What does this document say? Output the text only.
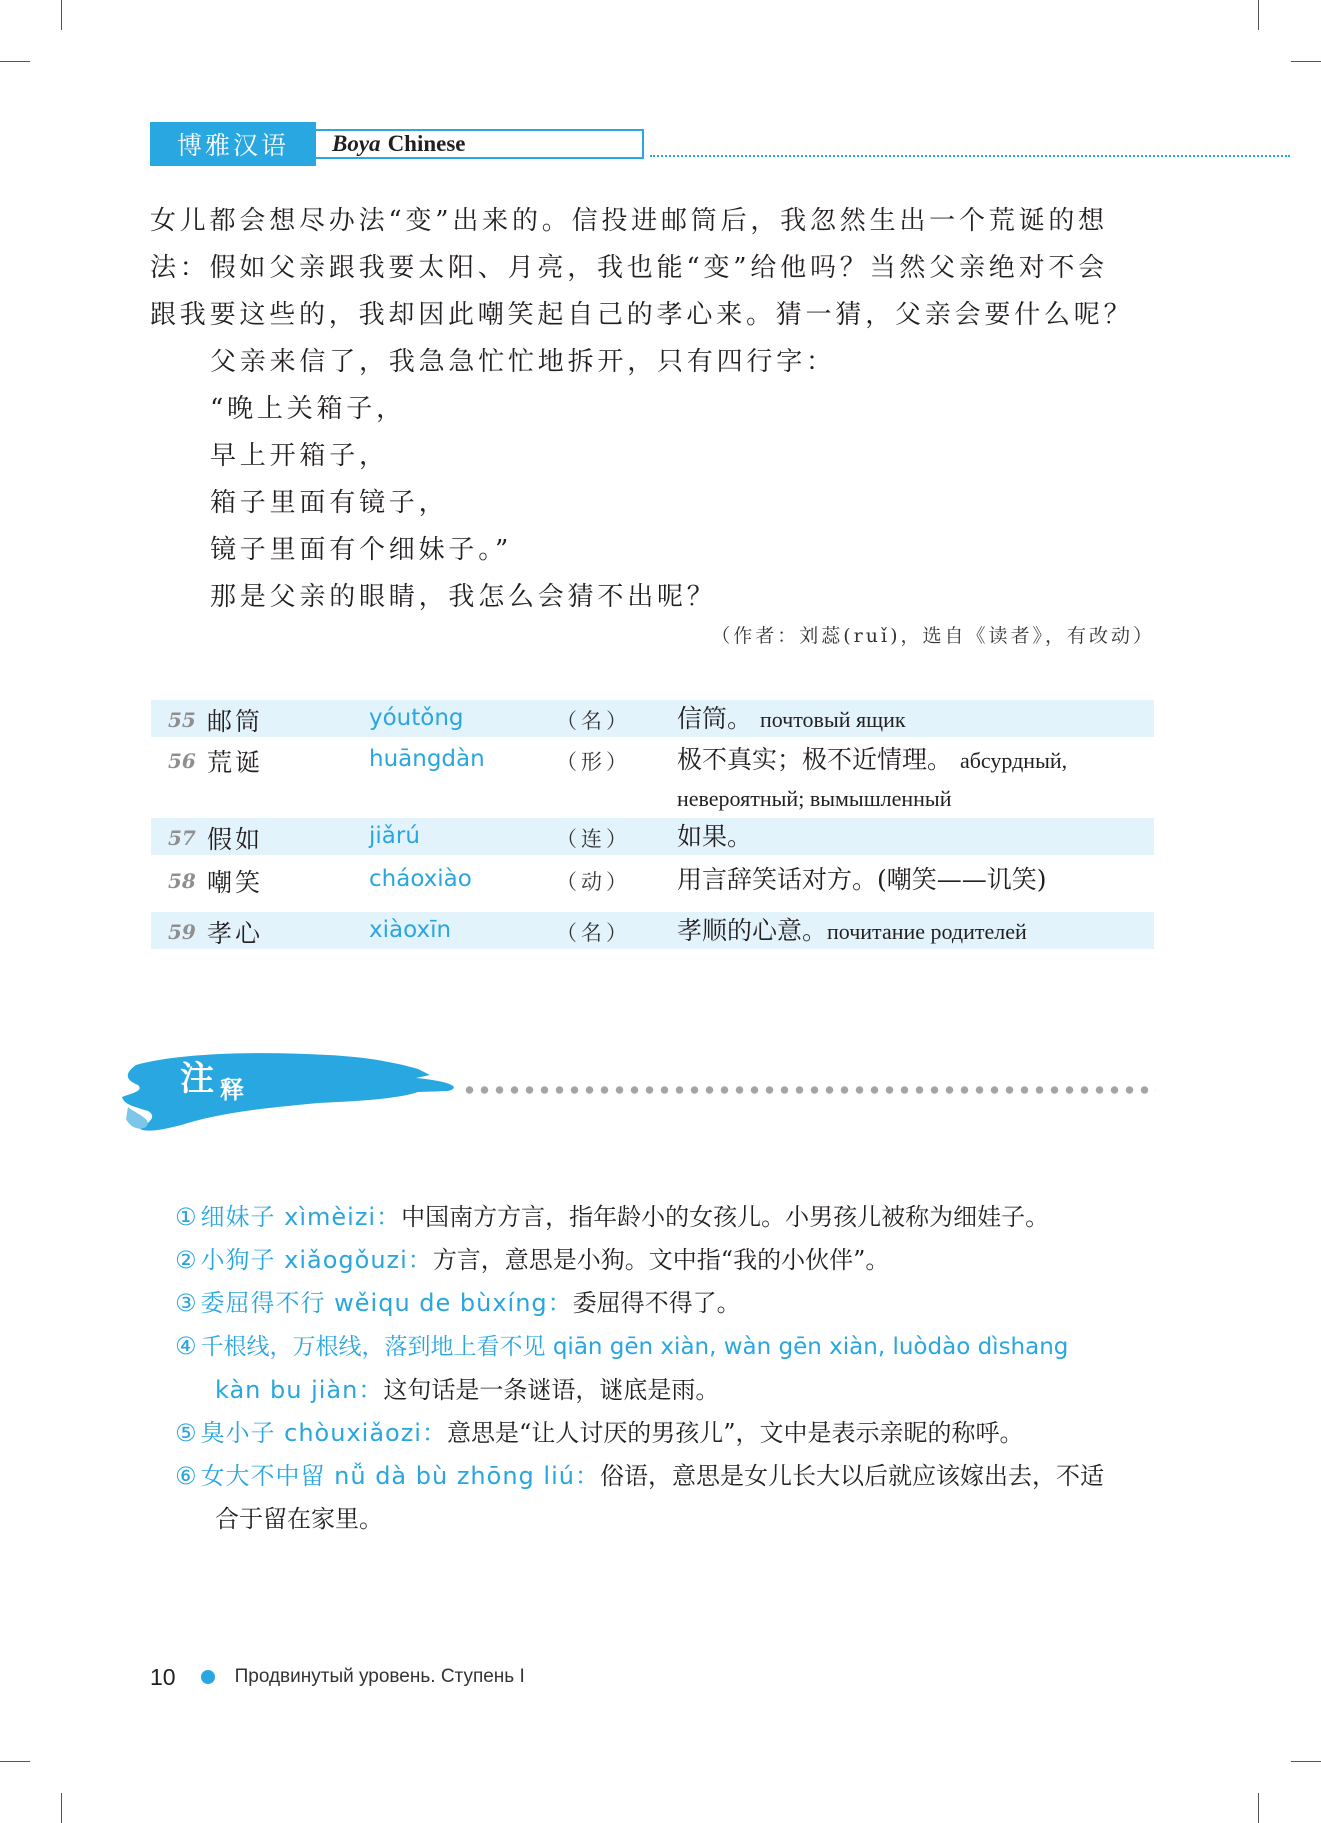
博雅汉语	Boya Chinese

女儿都会想尽办法“变”出来的。信投进邮筒后，我忽然生出一个荒诞的想

法：假如父亲跟我要太阳、月亮，我也能“变”给他吗？当然父亲绝对不会

跟我要这些的，我却因此嘲笑起自己的孝心来。猜一猜，父亲会要什么呢？

父亲来信了，我急急忙忙地拆开，只有四行字：

“晚上关箱子，

早上开箱子，

箱子里面有镜子，

镜子里面有个细妹子。”

那是父亲的眼睛，我怎么会猜不出呢？

（作者：刘蕊(ruǐ)，选自《读者》，有改动）
55 邮筒	yóutǒng	（名） 信筒。 почтовый ящик
56 荒诞	huāngdàn	（形） 极不真实；极不近情理。 абсурдный,
невероятный; вымышленный
57 假如	jiǎrú	（连） 如果。
58 嘲笑	cháoxiào	（动） 用言辞笑话对方。(嘲笑——讥笑)
59 孝心	xiàoxīn	（名） 孝顺的心意。почитание родителей
注 释

① 细妹子 xìmèizi：中国南方方言，指年龄小的女孩儿。小男孩儿被称为细娃子。

② 小狗子 xiǎogǒuzi：方言，意思是小狗。文中指“我的小伙伴”。

③ 委屈得不行 wěiqu de bùxíng：委屈得不得了。

④ 千根线，万根线，落到地上看不见 qiān gēn xiàn, wàn gēn xiàn, luòdào dìshang
kàn bu jiàn：这句话是一条谜语，谜底是雨。

⑤ 臭小子 chòuxiǎozi：意思是“让人讨厌的男孩儿”，文中是表示亲昵的称呼。

⑥ 女大不中留 nǚ dà bù zhōng liú：俗语，意思是女儿长大以后就应该嫁出去，不适
合于留在家里。

10	Продвинутый уровень. Ступень I
